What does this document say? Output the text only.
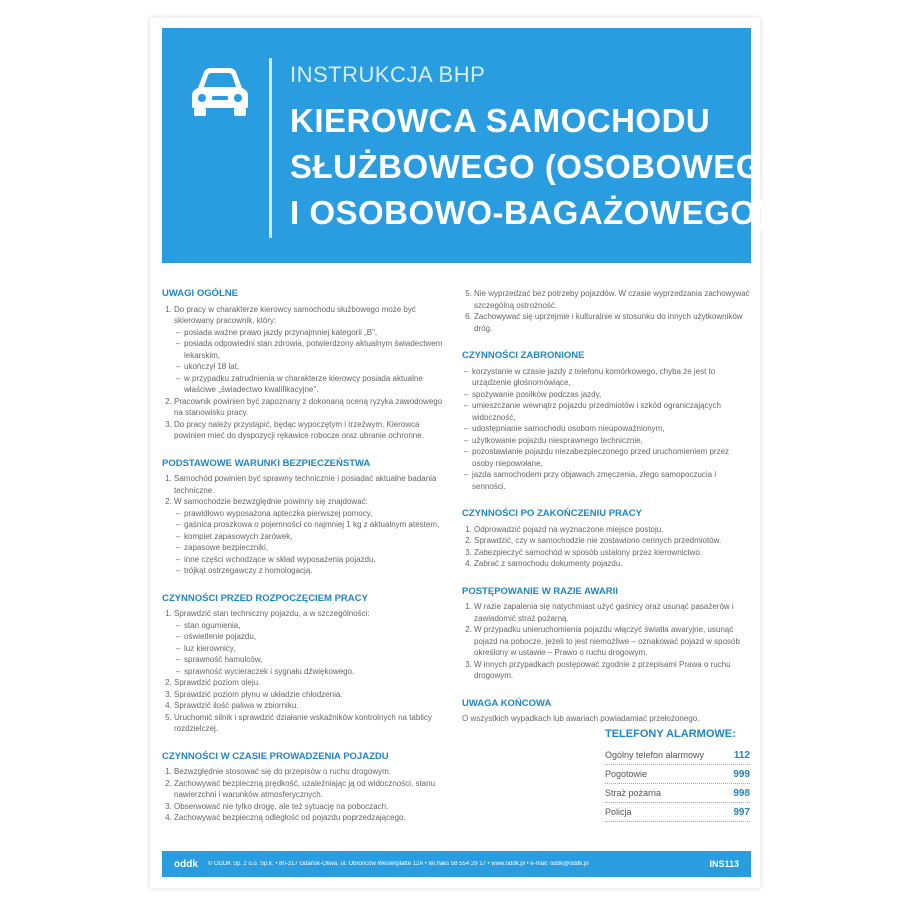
INSTRUKCJA BHP
KIEROWCA SAMOCHODU
SŁUŻBOWEGO (OSOBOWEGO
I OSOBOWO-BAGAŻOWEGO)
UWAGI OGÓLNE
1. Do pracy w charakterze kierowcy samochodu służbowego może być skierowany pracownik, który:
– posiada ważne prawo jazdy przynajmniej kategorii „B",
– posiada odpowiedni stan zdrowia, potwierdzony aktualnym świadectwem lekarskim,
– ukończył 18 lat,
– w przypadku zatrudnienia w charakterze kierowcy posiada aktualne właściwe „świadectwo kwalifikacyjne".
2. Pracownik powinien być zapoznany z dokonaną oceną ryzyka zawodowego na stanowisku pracy.
3. Do pracy należy przystąpić, będąc wypoczętym i trzeźwym. Kierowca powinien mieć do dyspozycji rękawice robocze oraz ubranie ochronne.
PODSTAWOWE WARUNKI BEZPIECZEŃSTWA
1. Samochód powinien być sprawny technicznie i posiadać aktualne badania techniczne.
2. W samochodzie bezwzględnie powinny się znajdować:
– prawidłowo wyposażona apteczka pierwszej pomocy,
– gaśnica proszkowa o pojemności co najmniej 1 kg z aktualnym atestem,
– komplet zapasowych żarówek,
– zapasowe bezpieczniki,
– inne części wchodzące w skład wyposażenia pojazdu,
– trójkąt ostrzegawczy z homologacją.
CZYNNOŚCI PRZED ROZPOCZĘCIEM PRACY
1. Sprawdzić stan techniczny pojazdu, a w szczególności:
– stan ogumienia,
– oświetlenie pojazdu,
– luz kierownicy,
– sprawność hamulców,
– sprawność wycieraczek i sygnału dźwiękowego.
2. Sprawdzić poziom oleju.
3. Sprawdzić poziom płynu w układzie chłodzenia.
4. Sprawdzić ilość paliwa w zbiorniku.
5. Uruchomić silnik i sprawdzić działanie wskaźników kontrolnych na tablicy rozdzielczej.
CZYNNOŚCI W CZASIE PROWADZENIA POJAZDU
1. Bezwzględnie stosować się do przepisów o ruchu drogowym.
2. Zachowywać bezpieczną prędkość, uzależniając ją od widoczności, stanu nawierzchni i warunków atmosferycznych.
3. Obserwować nie tylko drogę, ale też sytuację na poboczach.
4. Zachowywać bezpieczną odległość od pojazdu poprzedzającego.
5. Nie wyprzedzać bez potrzeby pojazdów. W czasie wyprzedzania zachowywać szczególną ostrożność.
6. Zachowywać się uprzejmie i kulturalnie w stosunku do innych użytkowników dróg.
CZYNNOŚCI ZABRONIONE
– korzystanie w czasie jazdy z telefonu komórkowego, chyba że jest to urządzenie głośnomówiące,
– spożywanie posiłków podczas jazdy,
– umieszczanie wewnątrz pojazdu przedmiotów i szkód ograniczających widoczność,
– udostępnianie samochodu osobom nieupoważnionym,
– użytkowanie pojazdu niesprawnego technicznie,
– pozostawianie pojazdu niezabezpieczonego przed uruchomieniem przez osoby niepowołane,
– jazda samochodem przy objawach zmęczenia, złego samopoczucia i senności.
CZYNNOŚCI PO ZAKOŃCZENIU PRACY
1. Odprowadzić pojazd na wyznaczone miejsce postoju.
2. Sprawdzić, czy w samochodzie nie zostawiono cennych przedmiotów.
3. Zabezpieczyć samochód w sposób ustalony przez kierownictwo.
4. Zabrać z samochodu dokumenty pojazdu.
POSTĘPOWANIE W RAZIE AWARII
1. W razie zapalenia się natychmiast użyć gaśnicy oraz usunąć pasażerów i zawiadomić straż pożarną.
2. W przypadku unieruchomienia pojazdu włączyć światła awaryjne, usunąć pojazd na pobocze, jeżeli to jest niemożliwe – oznakować pojazd w sposób określony w ustawie – Prawo o ruchu drogowym.
3. W innych przypadkach postępować zgodnie z przepisami Prawa o ruchu drogowym.
UWAGA KOŃCOWA

O wszystkich wypadkach lub awariach powiadamiać przełożonego.

TELEFONY ALARMOWE:
Ogólny telefon alarmowy	112
Pogotowie	999
Straż pożarna	998
Policja	997
oddk © ODDK Sp. z o.o. Sp.k. • 80-317 Gdańsk-Oliwa, ul. Obrońców Westerplatte 12A • tel./faks 58 554 29 17 • www.oddk.pl • e-mail: oddk@oddk.pl	INS113
